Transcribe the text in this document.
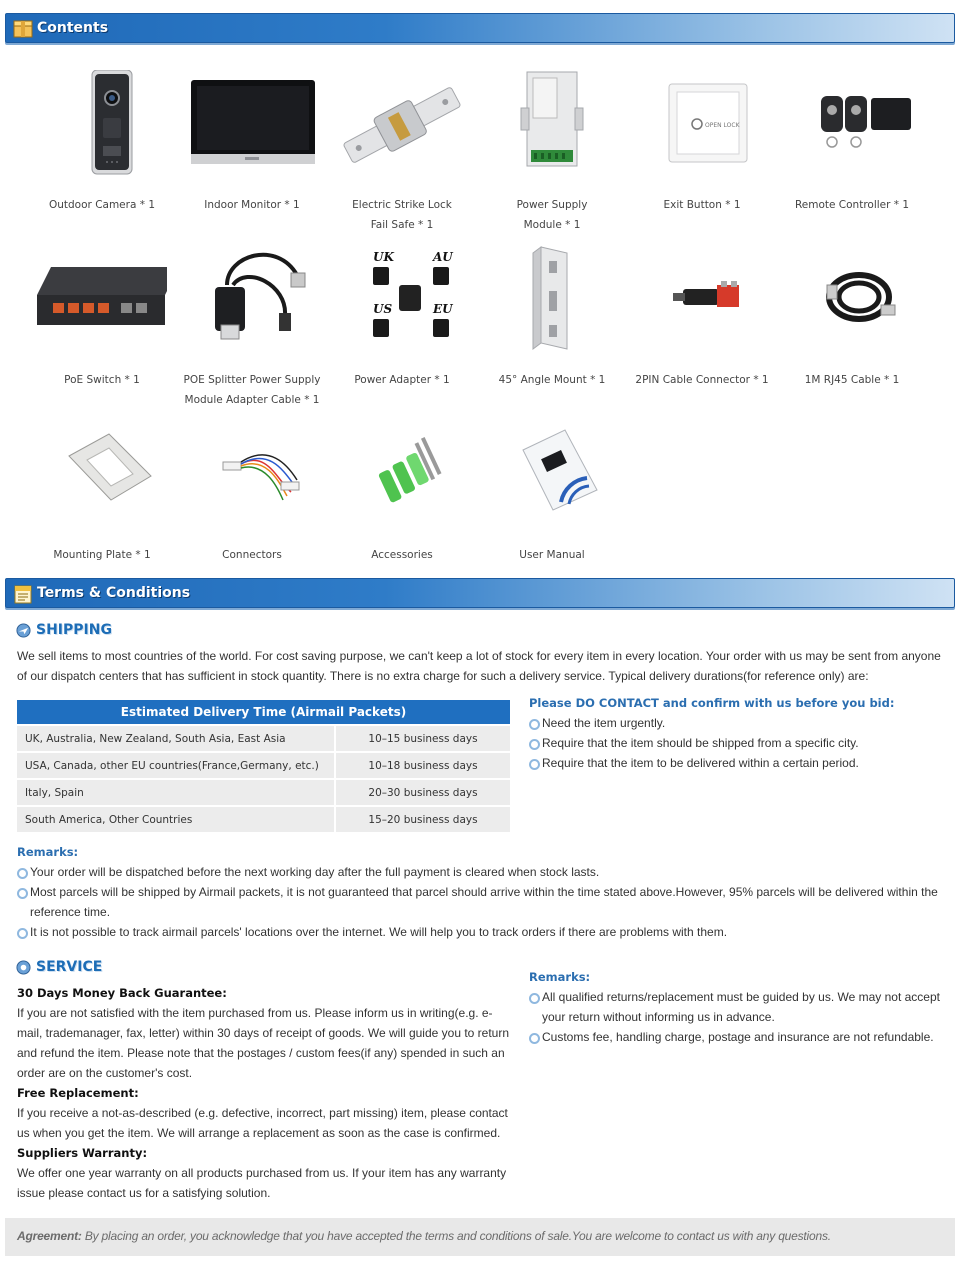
Contents
Outdoor Camera * 1	Indoor Monitor * 1	Electric Strike Lock
Fail Safe * 1
Power Supply
Module * 1
OPEN LOCK
Exit Button * 1	Remote Controller * 1
PoE Switch * 1	POE Splitter Power Supply
Module Adapter Cable * 1
UK	AU
US	EU
Power Adapter * 1	45° Angle Mount * 1	2PIN Cable Connector * 1	1M RJ45 Cable * 1
Mounting Plate * 1	Connectors	Accessories	User Manual
Terms & Conditions
SHIPPING
We sell items to most countries of the world. For cost saving purpose, we can't keep a lot of stock for every item in every location. Your order with us may be sent from anyone of our dispatch centers that has sufficient in stock quantity. There is no extra charge for such a delivery service. Typical delivery durations(for reference only) are:
Estimated Delivery Time (Airmail Packets)	
UK, Australia, New Zealand, South Asia, East Asia	10–15 business days
USA, Canada, other EU countries(France,Germany, etc.)	10–18 business days
Italy, Spain	20–30 business days
South America, Other Countries	15–20 business days
Please DO CONTACT and confirm with us before you bid:
Need the item urgently.
Require that the item should be shipped from a specific city.
Require that the item to be delivered within a certain period.
Remarks:
Your order will be dispatched before the next working day after the full payment is cleared when stock lasts.
Most parcels will be shipped by Airmail packets, it is not guaranteed that parcel should arrive within the time stated above.However, 95% parcels will be delivered within the reference time.
It is not possible to track airmail parcels' locations over the internet. We will help you to track orders if there are problems with them.
SERVICE
30 Days Money Back Guarantee:
If you are not satisfied with the item purchased from us. Please inform us in writing(e.g. e-mail, trademanager, fax, letter) within 30 days of receipt of goods. We will guide you to return and refund the item. Please note that the postages / custom fees(if any) spended in such an order are on the customer's cost.
Free Replacement:
If you receive a not-as-described (e.g. defective, incorrect, part missing) item, please contact us when you get the item. We will arrange a replacement as soon as the case is confirmed.
Suppliers Warranty:
We offer one year warranty on all products purchased from us. If your item has any warranty issue please contact us for a satisfying solution.
Remarks:
All qualified returns/replacement must be guided by us. We may not accept your return without informing us in advance.
Customs fee, handling charge, postage and insurance are not refundable.
Agreement: By placing an order, you acknowledge that you have accepted the terms and conditions of sale.You are welcome to contact us with any questions.
